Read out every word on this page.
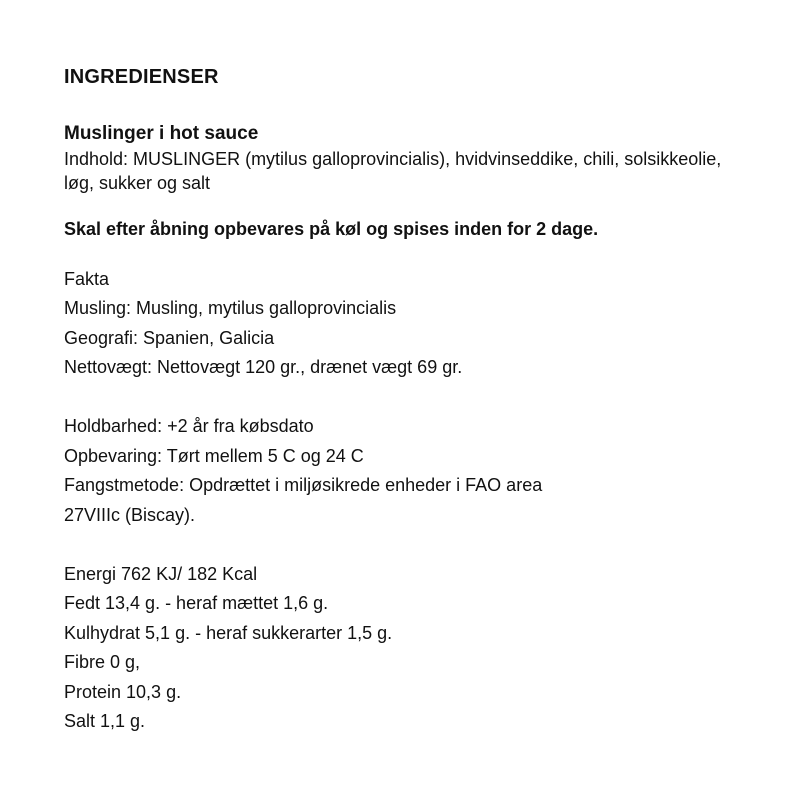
INGREDIENSER
Muslinger i hot sauce
Indhold: MUSLINGER (mytilus galloprovincialis), hvidvinseddike, chili, solsikkeolie, løg, sukker og salt
Skal efter åbning opbevares på køl og spises inden for 2 dage.
Fakta
Musling: Musling, mytilus galloprovincialis
Geografi: Spanien, Galicia
Nettovægt: Nettovægt 120 gr., drænet vægt 69 gr.
Holdbarhed: +2 år fra købsdato
Opbevaring: Tørt mellem 5 C og 24 C
Fangstmetode: Opdrættet i miljøsikrede enheder i FAO area
27VIIIc (Biscay).
Energi 762 KJ/ 182 Kcal
Fedt 13,4 g. - heraf mættet 1,6 g.
Kulhydrat 5,1 g. - heraf sukkerarter 1,5 g.
Fibre 0 g,
Protein 10,3 g.
Salt 1,1 g.
